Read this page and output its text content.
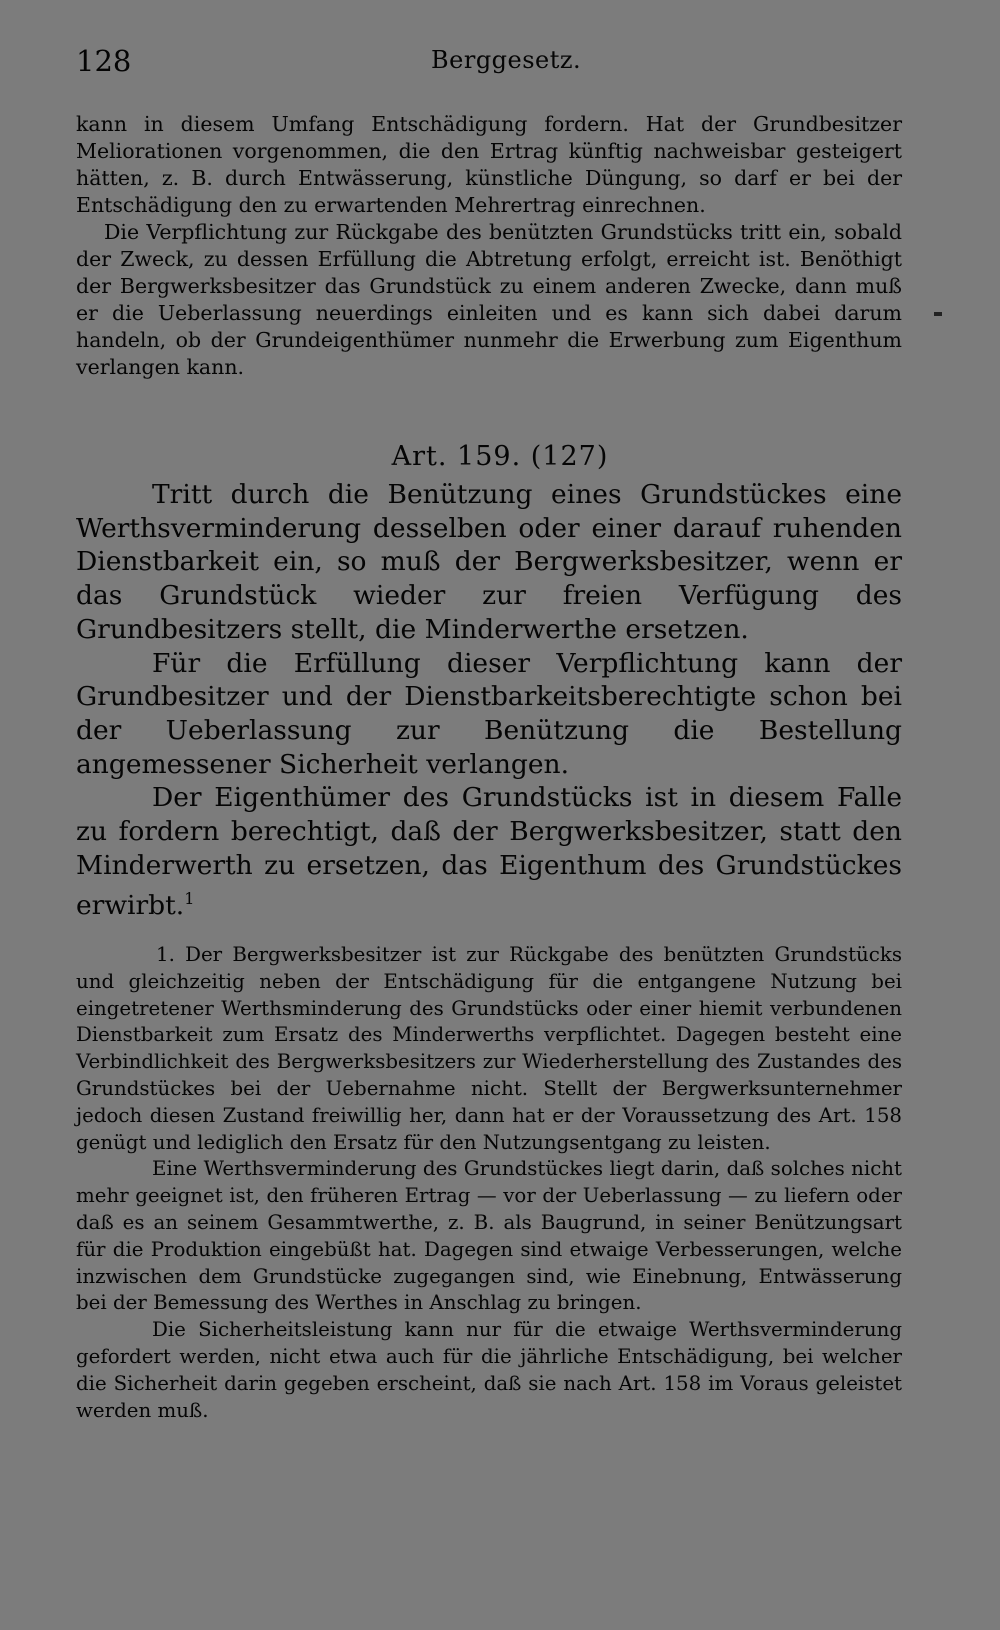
128	Berggesetz.

kann in diesem Umfang Entschädigung fordern. Hat der Grundbesitzer Meliorationen vorgenommen, die den Ertrag künftig nachweisbar gesteigert hätten, z. B. durch Entwässerung, künstliche Düngung, so darf er bei der Entschädigung den zu erwartenden Mehrertrag einrechnen.

Die Verpflichtung zur Rückgabe des benützten Grundstücks tritt ein, sobald der Zweck, zu dessen Erfüllung die Abtretung erfolgt, erreicht ist. Benöthigt der Bergwerksbesitzer das Grundstück zu einem anderen Zwecke, dann muß er die Ueberlassung neuerdings einleiten und es kann sich dabei darum handeln, ob der Grundeigenthümer nunmehr die Erwerbung zum Eigenthum verlangen kann.

Art. 159. (127)

Tritt durch die Benützung eines Grundstückes eine Werthsverminderung desselben oder einer darauf ruhenden Dienstbarkeit ein, so muß der Bergwerksbesitzer, wenn er das Grundstück wieder zur freien Verfügung des Grundbesitzers stellt, die Minderwerthe ersetzen.

Für die Erfüllung dieser Verpflichtung kann der Grundbesitzer und der Dienstbarkeitsberechtigte schon bei der Ueberlassung zur Benützung die Bestellung angemessener Sicherheit verlangen.

Der Eigenthümer des Grundstücks ist in diesem Falle zu fordern berechtigt, daß der Bergwerksbesitzer, statt den Minderwerth zu ersetzen, das Eigenthum des Grundstückes erwirbt.$^1$

1. Der Bergwerksbesitzer ist zur Rückgabe des benützten Grundstücks und gleichzeitig neben der Entschädigung für die entgangene Nutzung bei eingetretener Werthsminderung des Grundstücks oder einer hiemit verbundenen Dienstbarkeit zum Ersatz des Minderwerths verpflichtet. Dagegen besteht eine Verbindlichkeit des Bergwerksbesitzers zur Wiederherstellung des Zustandes des Grundstückes bei der Uebernahme nicht. Stellt der Bergwerksunternehmer jedoch diesen Zustand freiwillig her, dann hat er der Voraussetzung des Art. 158 genügt und lediglich den Ersatz für den Nutzungsentgang zu leisten.

Eine Werthsverminderung des Grundstückes liegt darin, daß solches nicht mehr geeignet ist, den früheren Ertrag — vor der Ueberlassung — zu liefern oder daß es an seinem Gesammtwerthe, z. B. als Baugrund, in seiner Benützungsart für die Produktion eingebüßt hat. Dagegen sind etwaige Verbesserungen, welche inzwischen dem Grundstücke zugegangen sind, wie Einebnung, Entwässerung bei der Bemessung des Werthes in Anschlag zu bringen.

Die Sicherheitsleistung kann nur für die etwaige Werthsverminderung gefordert werden, nicht etwa auch für die jährliche Entschädigung, bei welcher die Sicherheit darin gegeben erscheint, daß sie nach Art. 158 im Voraus geleistet werden muß.
